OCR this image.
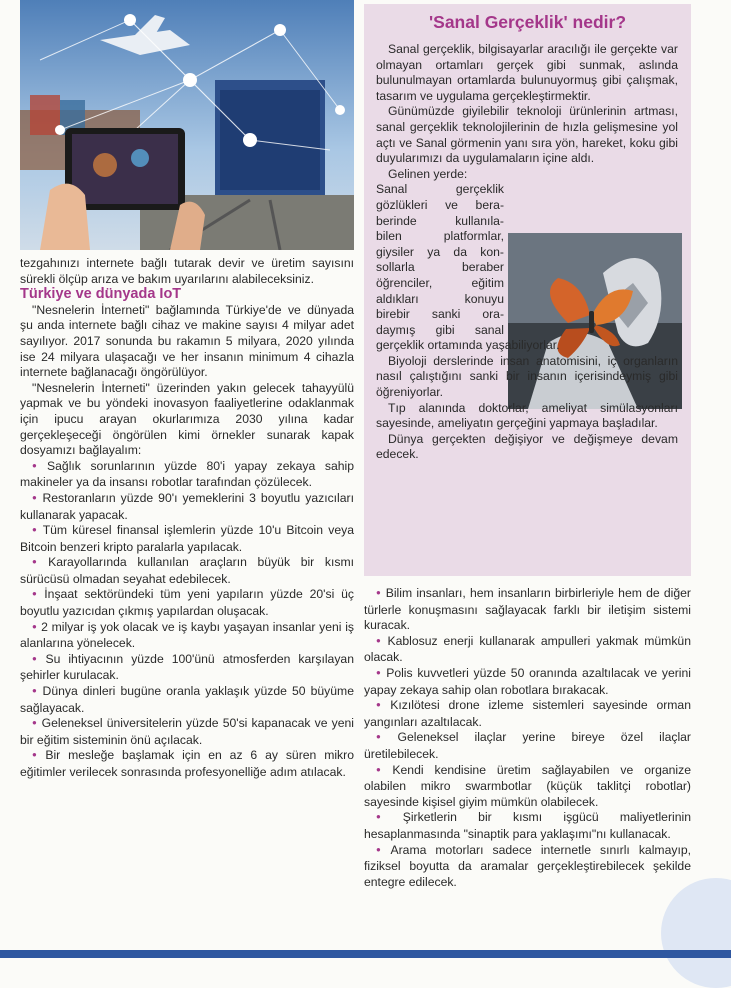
'Sanal Gerçeklik' nedir?

Sanal gerçeklik, bilgisayarlar aracılığı ile gerçekte var olmayan ortamları gerçek gibi sunmak, aslında bulunulmayan ortamlarda bulunuyormuş gibi çalışmak, tasarım ve uygulama gerçekleştirmektir.

Günümüzde giyilebilir teknoloji ürünlerinin artması, sanal gerçeklik teknolojilerinin de hızla gelişmesine yol açtı ve Sanal görmenin yanı sıra yön, hareket, koku gibi duyularımızı da uygulamaların içine aldı.

Gelinen yerde:

Sanal gerçeklik

gözlükleri ve bera-

berinde kullanıla-

bilen platformlar,

giysiler ya da kon-

sollarla beraber

öğrenciler, eğitim

aldıkları konuyu

birebir sanki ora-

daymış gibi sanal

gerçeklik ortamında yaşabiliyorlar.

Biyoloji derslerinde insan anatomisini, iç organların nasıl çalıştığını sanki bir insanın içerisindeymiş gibi öğreniyorlar.

Tıp alanında doktorlar, ameliyat simülasyonları sayesinde, ameliyatın gerçeğini yapmaya başladılar.

Dünya gerçekten değişiyor ve değişmeye devam edecek.

tezgahınızı internete bağlı tutarak devir ve üretim sayısını sürekli ölçüp arıza ve bakım uyarılarını alabileceksiniz.

Türkiye ve dünyada IoT

"Nesnelerin İnterneti" bağlamında Türkiye'de ve dünyada şu anda internete bağlı cihaz ve makine sayısı 4 milyar adet sayılıyor. 2017 sonunda bu rakamın 5 milyara, 2020 yılında ise 24 milyara ulaşacağı ve her insanın minimum 4 cihazla internete bağlanacağı öngörülüyor.

"Nesnelerin İnterneti" üzerinden yakın gelecek tahayyülü yapmak ve bu yöndeki inovasyon faaliyetlerine odaklanmak için ipucu arayan okurlarımıza 2030 yılına kadar gerçekleşeceği öngörülen kimi örnekler sunarak kapak dosyamızı bağlayalım:

● Sağlık sorunlarının yüzde 80'i yapay zekaya sahip makineler ya da insansı robotlar tarafından çözülecek.

● Restoranların yüzde 90'ı yemeklerini 3 boyutlu yazıcıları kullanarak yapacak.

● Tüm küresel finansal işlemlerin yüzde 10'u Bitcoin veya Bitcoin benzeri kripto paralarla yapılacak.

● Karayollarında kullanılan araçların büyük bir kısmı sürücüsü olmadan seyahat edebilecek.

● İnşaat sektöründeki tüm yeni yapıların yüzde 20'si üç boyutlu yazıcıdan çıkmış yapılardan oluşacak.

● 2 milyar iş yok olacak ve iş kaybı yaşayan insanlar yeni iş alanlarına yönelecek.

● Su ihtiyacının yüzde 100'ünü atmosferden karşılayan şehirler kurulacak.

● Dünya dinleri bugüne oranla yaklaşık yüzde 50 büyüme sağlayacak.

● Geleneksel üniversitelerin yüzde 50'si kapanacak ve yeni bir eğitim sisteminin önü açılacak.

● Bir mesleğe başlamak için en az 6 ay süren mikro eğitimler verilecek sonrasında profesyonelliğe adım atılacak.

● Bilim insanları, hem insanların birbirleriyle hem de diğer türlerle konuşmasını sağlayacak farklı bir iletişim sistemi kuracak.

● Kablosuz enerji kullanarak ampulleri yakmak mümkün olacak.

● Polis kuvvetleri yüzde 50 oranında azaltılacak ve yerini yapay zekaya sahip olan robotlara bırakacak.

● Kızılötesi drone izleme sistemleri sayesinde orman yangınları azaltılacak.

● Geleneksel ilaçlar yerine bireye özel ilaçlar üretilebilecek.

● Kendi kendisine üretim sağlayabilen ve organize olabilen mikro swarmbotlar (küçük taklitçi robotlar) sayesinde kişisel giyim mümkün olabilecek.

● Şirketlerin bir kısmı işgücü maliyetlerinin hesaplanmasında "sinaptik para yaklaşımı"nı kullanacak.

● Arama motorları sadece internetle sınırlı kalmayıp, fiziksel boyutta da aramalar gerçekleştirebilecek şekilde entegre edilecek.
